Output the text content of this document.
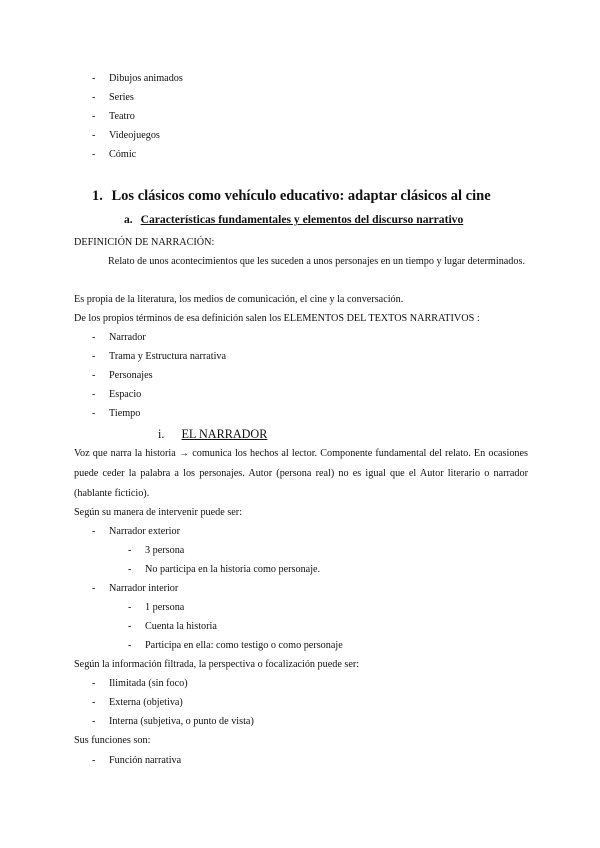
-	Dibujos animados
-	Series
-	Teatro
-	Videojuegos
-	Cómic
1. Los clásicos como vehículo educativo: adaptar clásicos al cine
a. Características fundamentales y elementos del discurso narrativo
DEFINICIÓN DE NARRACIÓN:
Relato de unos acontecimientos que les suceden a unos personajes en un tiempo y lugar determinados.
Es propia de la literatura, los medios de comunicación, el cine y la conversación.
De los propios términos de esa definición salen los ELEMENTOS DEL TEXTOS NARRATIVOS :
-	Narrador
-	Trama y Estructura narrativa
-	Personajes
-	Espacio
-	Tiempo
i. EL NARRADOR
Voz que narra la historia → comunica los hechos al lector. Componente fundamental del relato. En ocasiones puede ceder la palabra a los personajes. Autor (persona real) no es igual que el Autor literario o narrador (hablante ficticio).
Según su manera de intervenir puede ser:
-	Narrador exterior
-	3 persona
-	No participa en la historia como personaje.
-	Narrador interior
-	1 persona
-	Cuenta la historia
-	Participa en ella: como testigo o como personaje
Según la información filtrada, la perspectiva o focalización puede ser:
-	Ilimitada (sin foco)
-	Externa (objetiva)
-	Interna (subjetiva, o punto de vista)
Sus funciones son:
-	Función narrativa
